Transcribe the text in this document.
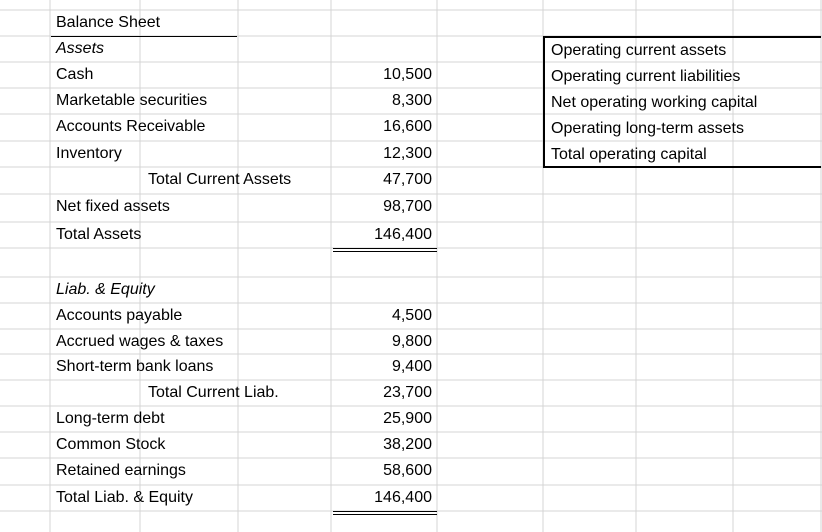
Balance Sheet
Assets
Cash	10,500
Marketable securities	8,300
Accounts Receivable	16,600
Inventory	12,300
Total Current Assets	47,700
Net fixed assets	98,700
Total Assets	146,400
Liab. & Equity
Accounts payable	4,500
Accrued wages & taxes	9,800
Short-term bank loans	9,400
Total Current Liab.	23,700
Long-term debt	25,900
Common Stock	38,200
Retained earnings	58,600
Total Liab. & Equity	146,400
Operating current assets
Operating current liabilities
Net operating working capital
Operating long-term assets
Total operating capital
